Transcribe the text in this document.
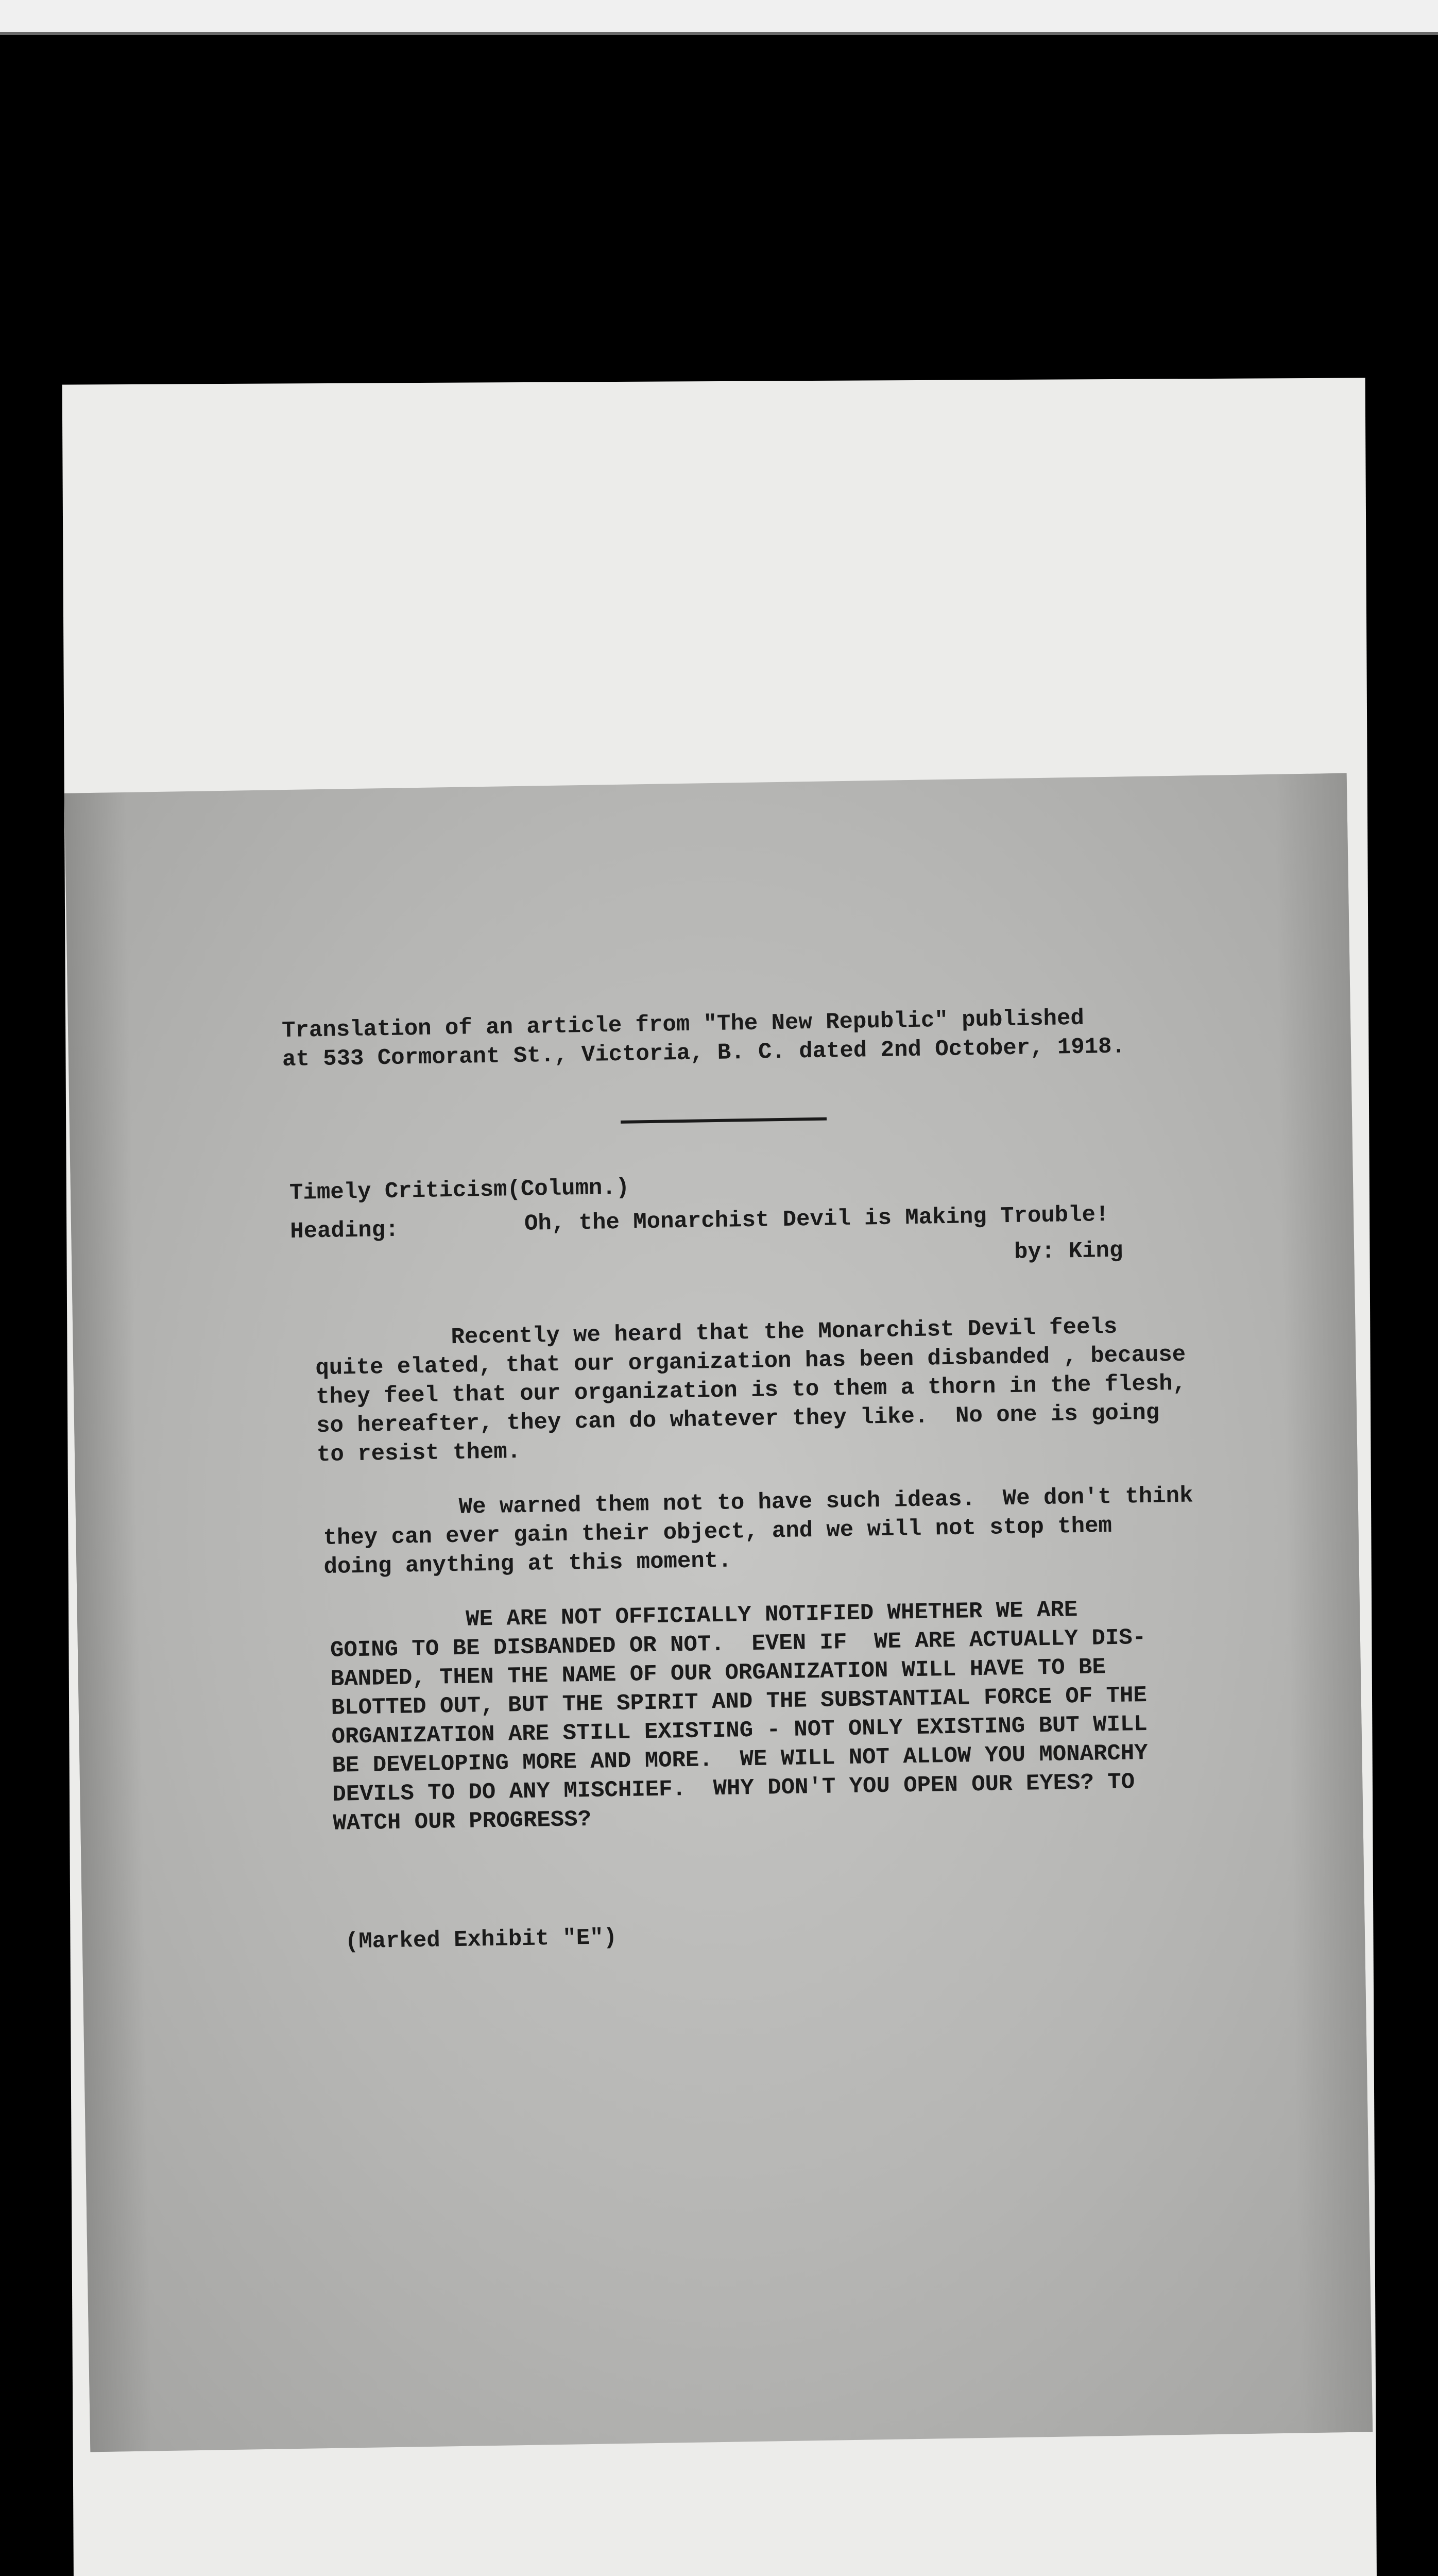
Translation of an article from "The New Republic" published
at 533 Cormorant St., Victoria, B. C. dated 2nd October, 1918.
Timely Criticism(Column.)
Heading:	Oh, the Monarchist Devil is Making Trouble!
by: King
Recently we heard that the Monarchist Devil feels
quite elated, that our organization has been disbanded , because
they feel that our organization is to them a thorn in the flesh,
so hereafter, they can do whatever they like.  No one is going
to resist them.
We warned them not to have such ideas.  We don't think
they can ever gain their object, and we will not stop them
doing anything at this moment.
WE ARE NOT OFFICIALLY NOTIFIED WHETHER WE ARE
GOING TO BE DISBANDED OR NOT.  EVEN IF  WE ARE ACTUALLY DIS-
BANDED, THEN THE NAME OF OUR ORGANIZATION WILL HAVE TO BE
BLOTTED OUT, BUT THE SPIRIT AND THE SUBSTANTIAL FORCE OF THE
ORGANIZATION ARE STILL EXISTING - NOT ONLY EXISTING BUT WILL
BE DEVELOPING MORE AND MORE.  WE WILL NOT ALLOW YOU MONARCHY
DEVILS TO DO ANY MISCHIEF.  WHY DON'T YOU OPEN OUR EYES? TO
WATCH OUR PROGRESS?
(Marked Exhibit "E")
